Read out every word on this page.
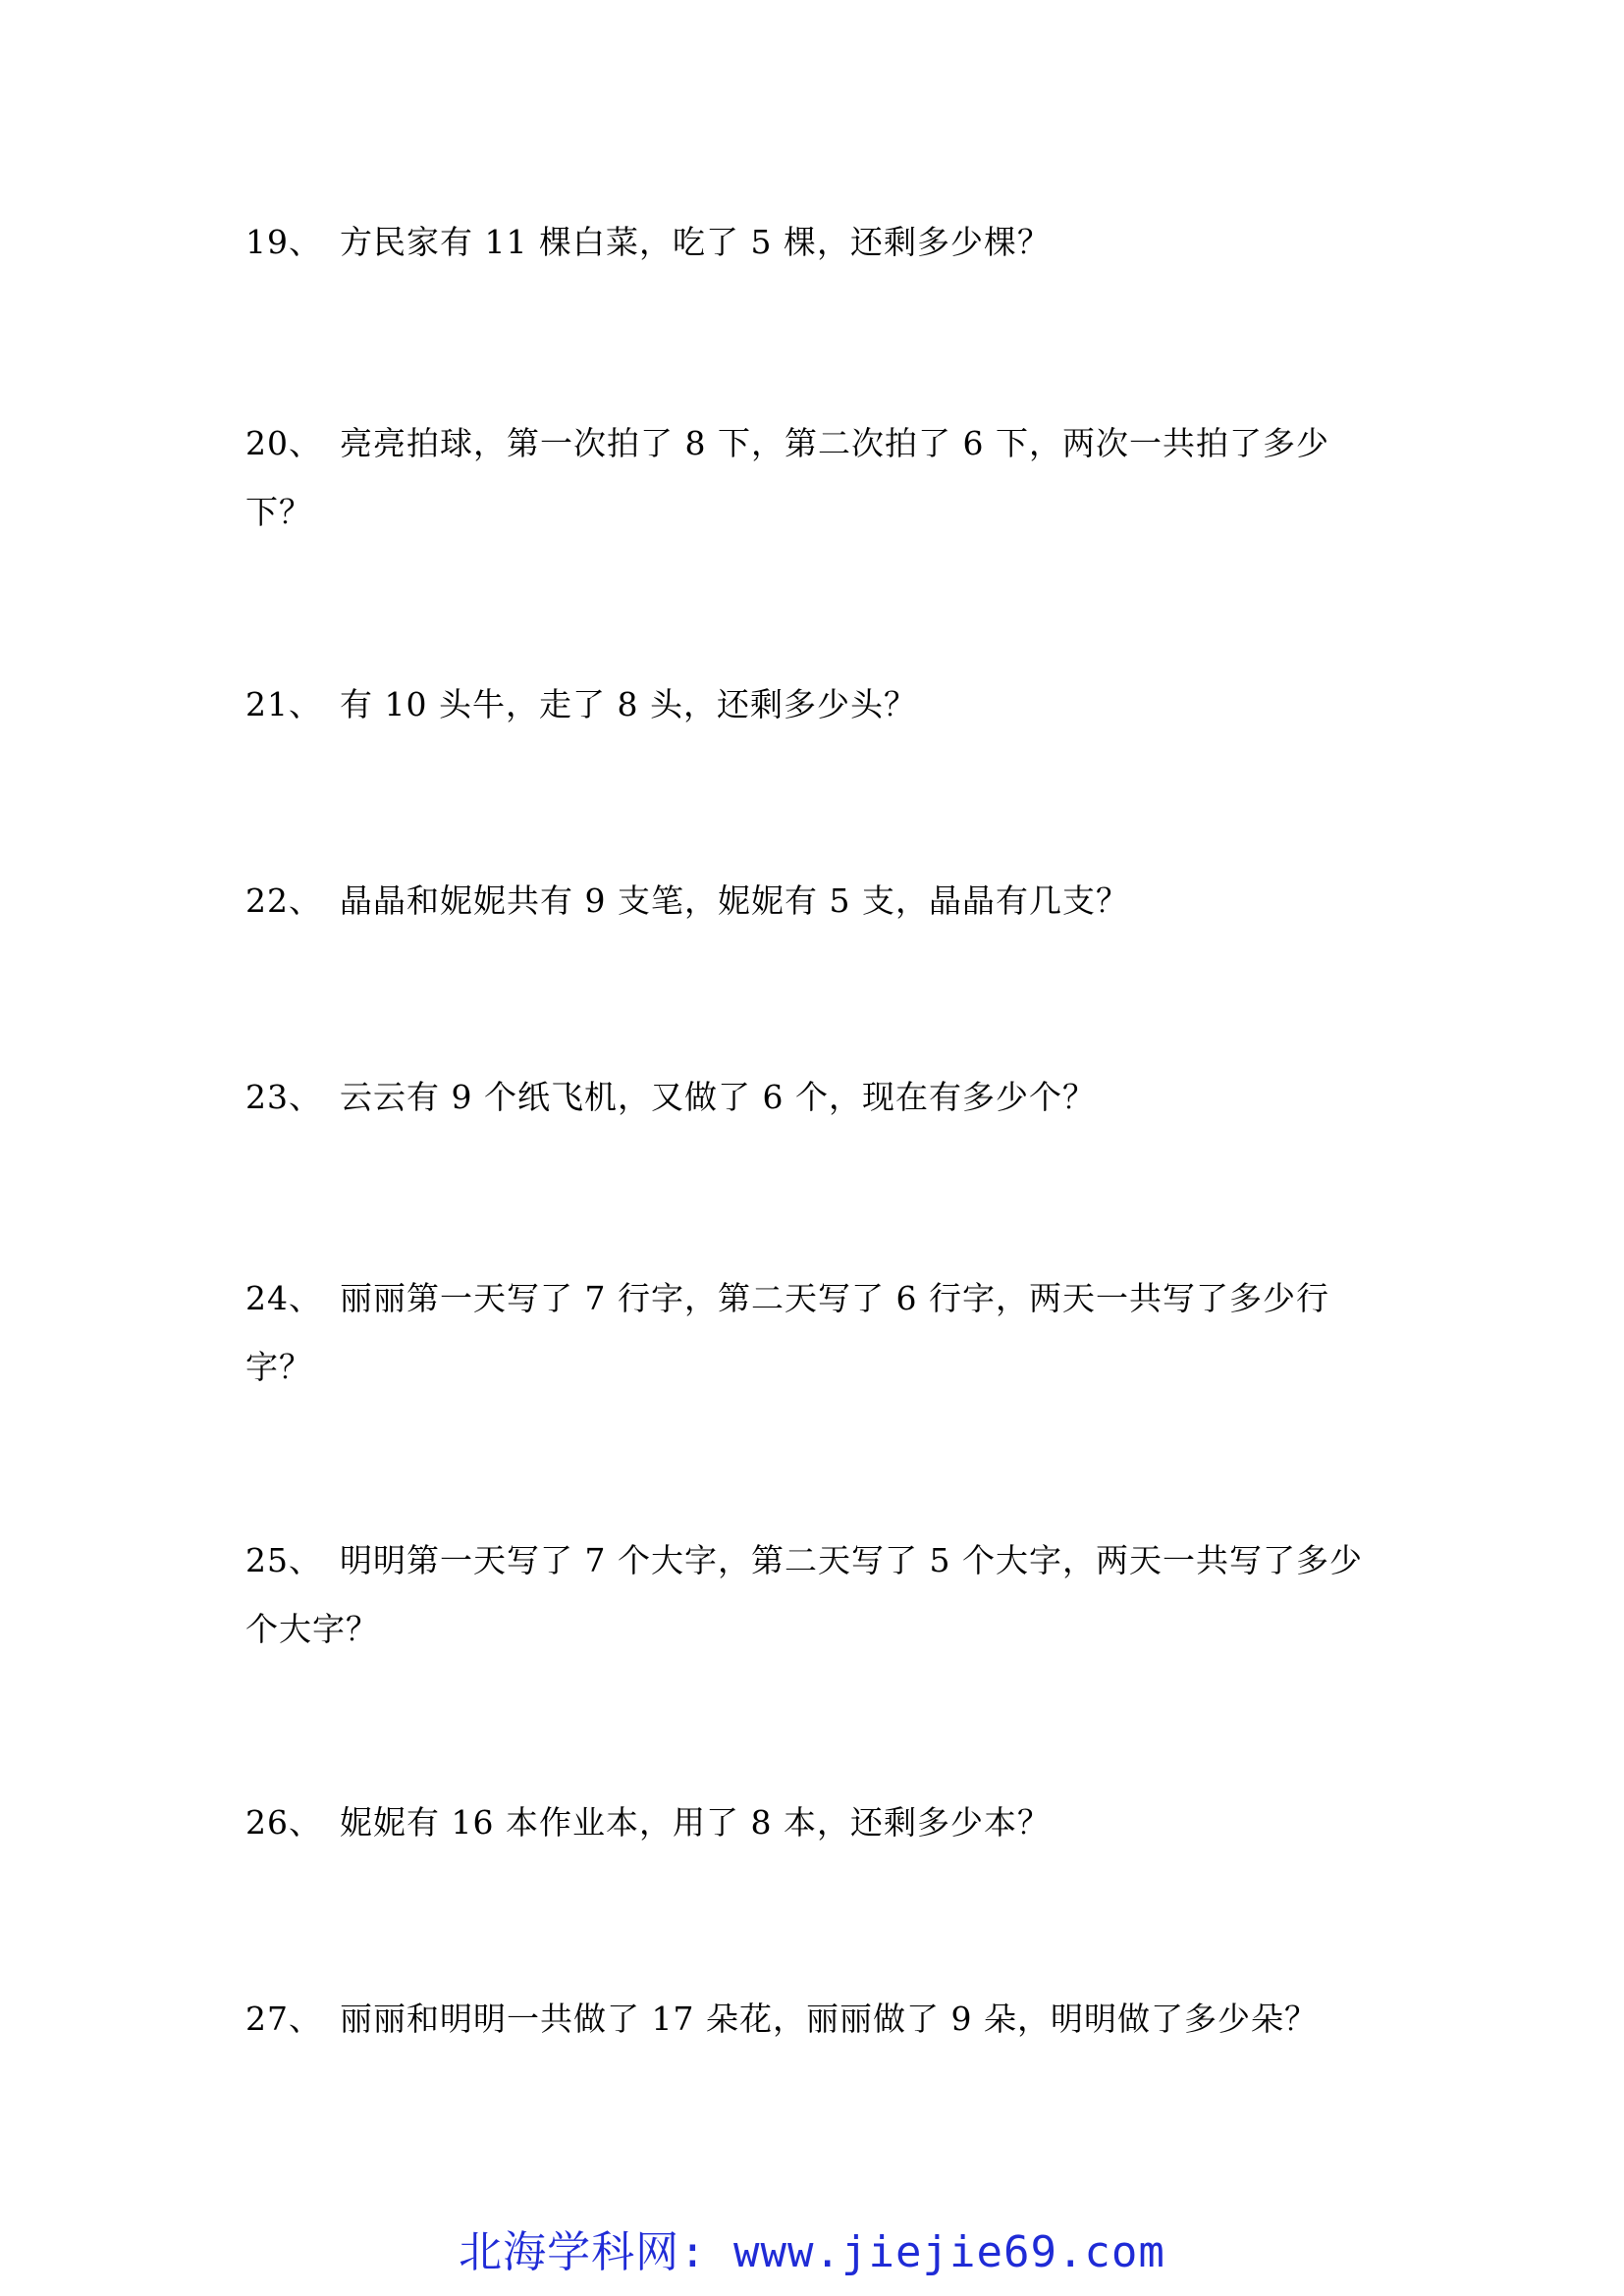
19、 方民家有 11 棵白菜，吃了 5 棵，还剩多少棵？
20、 亮亮拍球，第一次拍了 8 下，第二次拍了 6 下，两次一共拍了多少下？
21、 有 10 头牛，走了 8 头，还剩多少头？
22、 晶晶和妮妮共有 9 支笔，妮妮有 5 支，晶晶有几支？
23、 云云有 9 个纸飞机，又做了 6 个，现在有多少个？
24、 丽丽第一天写了 7 行字，第二天写了 6 行字，两天一共写了多少行字？
25、 明明第一天写了 7 个大字，第二天写了 5 个大字，两天一共写了多少个大字？
26、 妮妮有 16 本作业本，用了 8 本，还剩多少本？
27、 丽丽和明明一共做了 17 朵花，丽丽做了 9 朵，明明做了多少朵？
北海学科网: www.jiejie69.com
